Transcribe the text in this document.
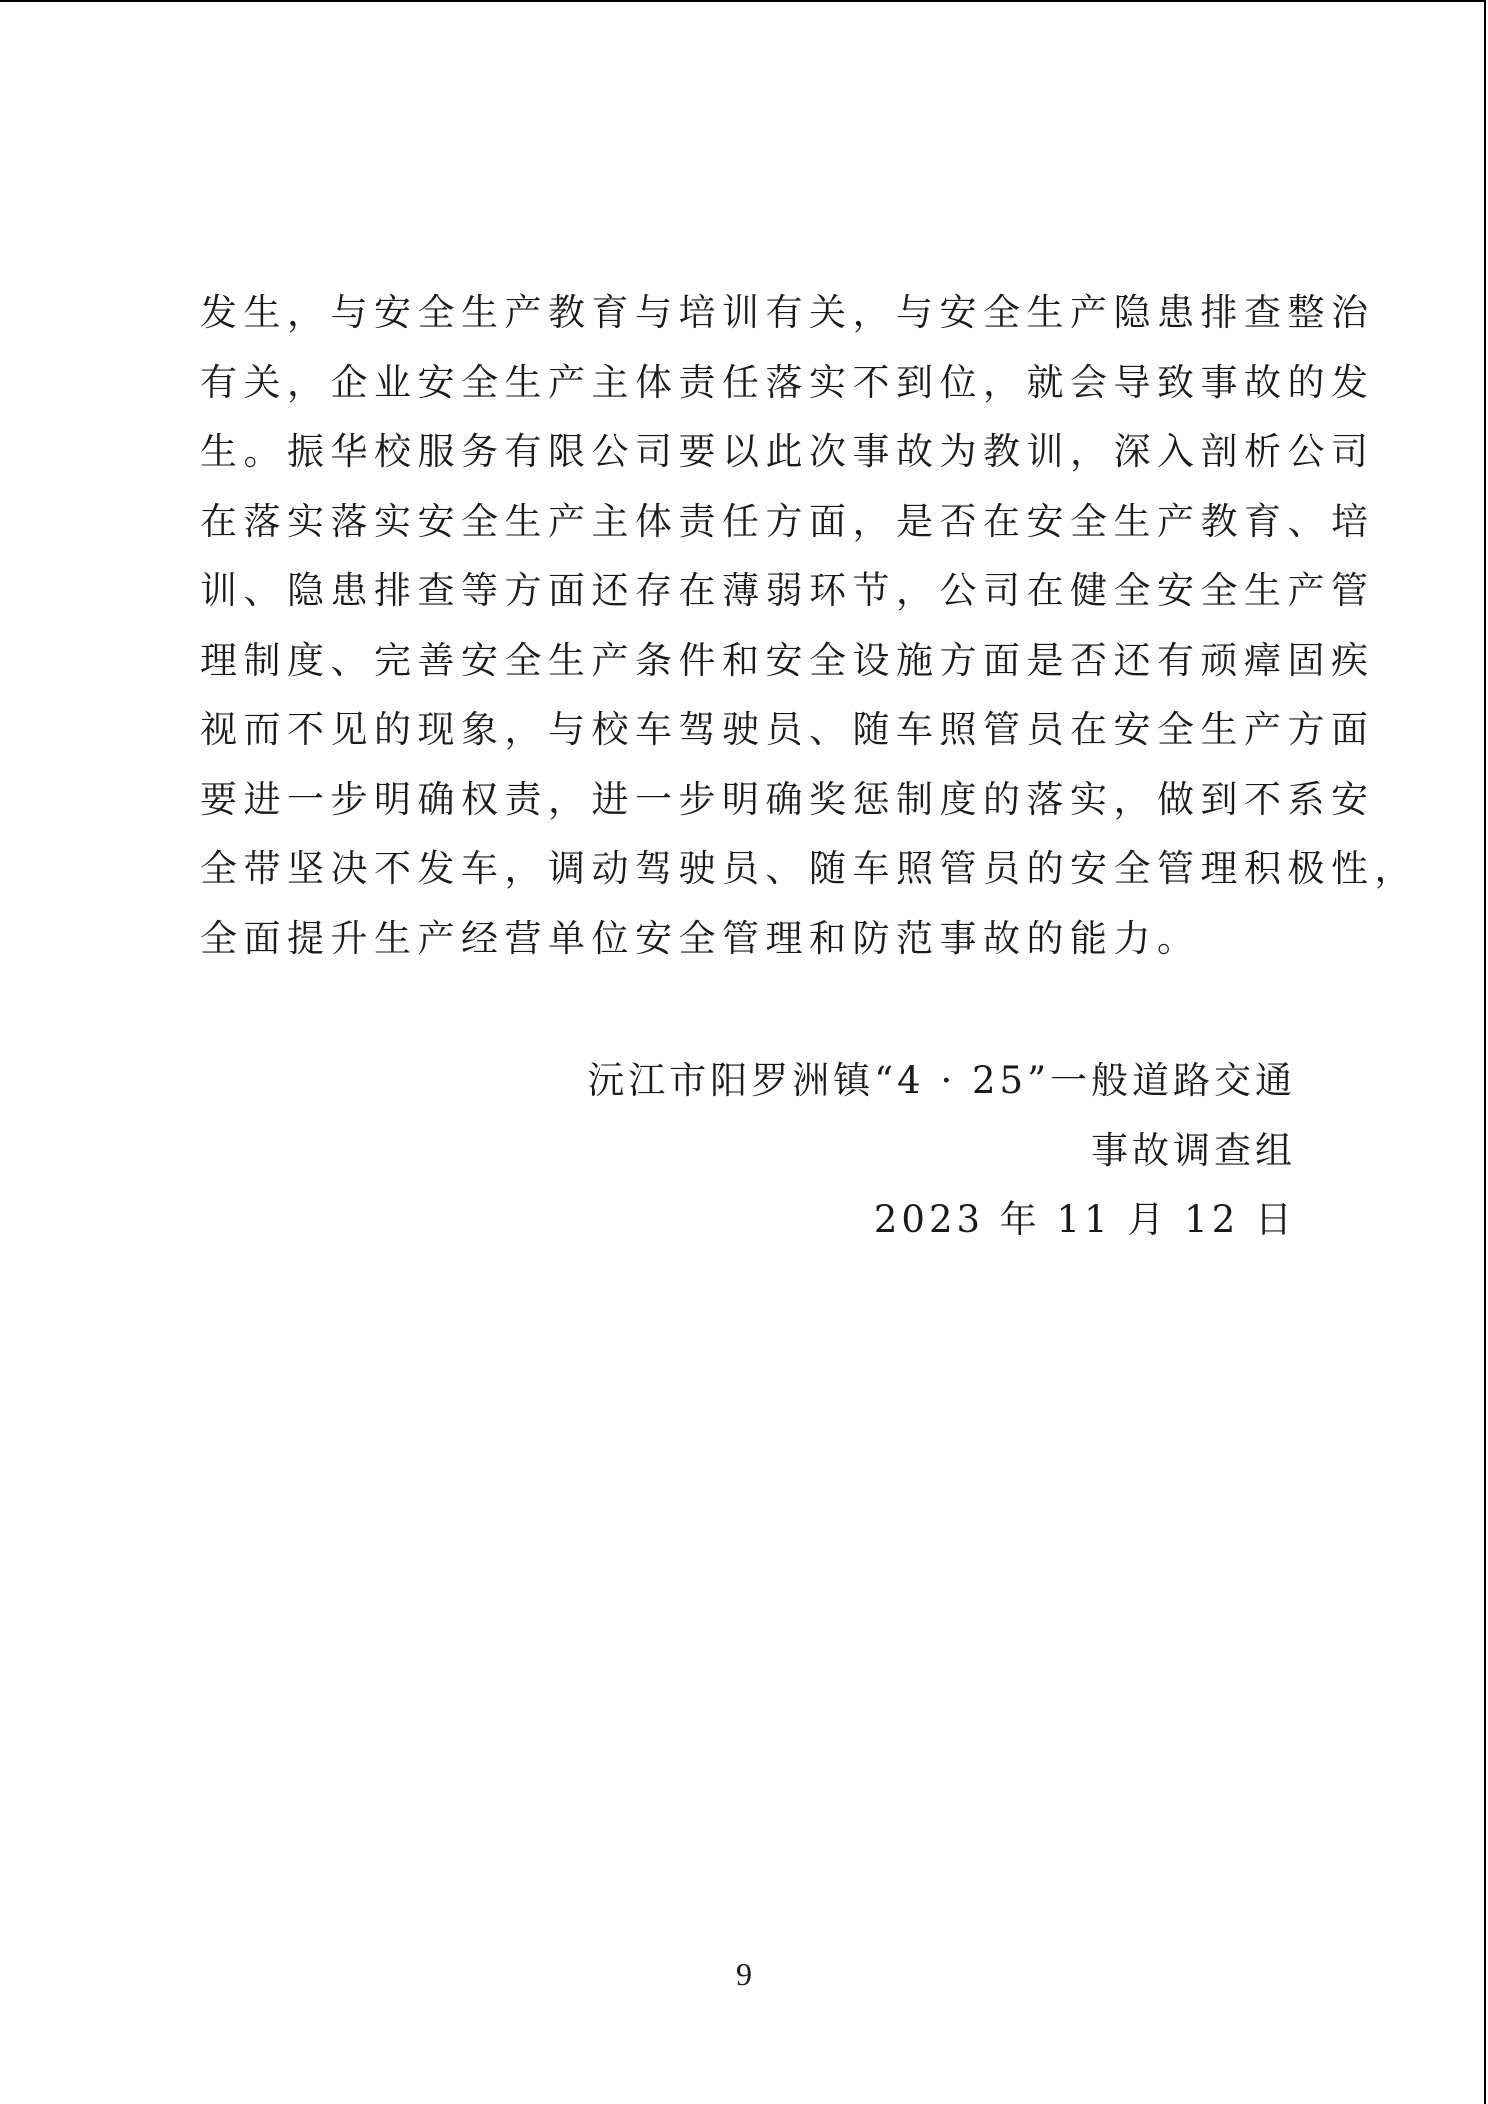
发生，与安全生产教育与培训有关，与安全生产隐患排查整治
有关，企业安全生产主体责任落实不到位，就会导致事故的发
生。振华校服务有限公司要以此次事故为教训，深入剖析公司
在落实落实安全生产主体责任方面，是否在安全生产教育、培
训、隐患排查等方面还存在薄弱环节，公司在健全安全生产管
理制度、完善安全生产条件和安全设施方面是否还有顽瘴固疾
视而不见的现象，与校车驾驶员、随车照管员在安全生产方面
要进一步明确权责，进一步明确奖惩制度的落实，做到不系安
全带坚决不发车，调动驾驶员、随车照管员的安全管理积极性，
全面提升生产经营单位安全管理和防范事故的能力。
沅江市阳罗洲镇“4 · 25”一般道路交通
事故调查组
2023 年 11 月 12 日
9
